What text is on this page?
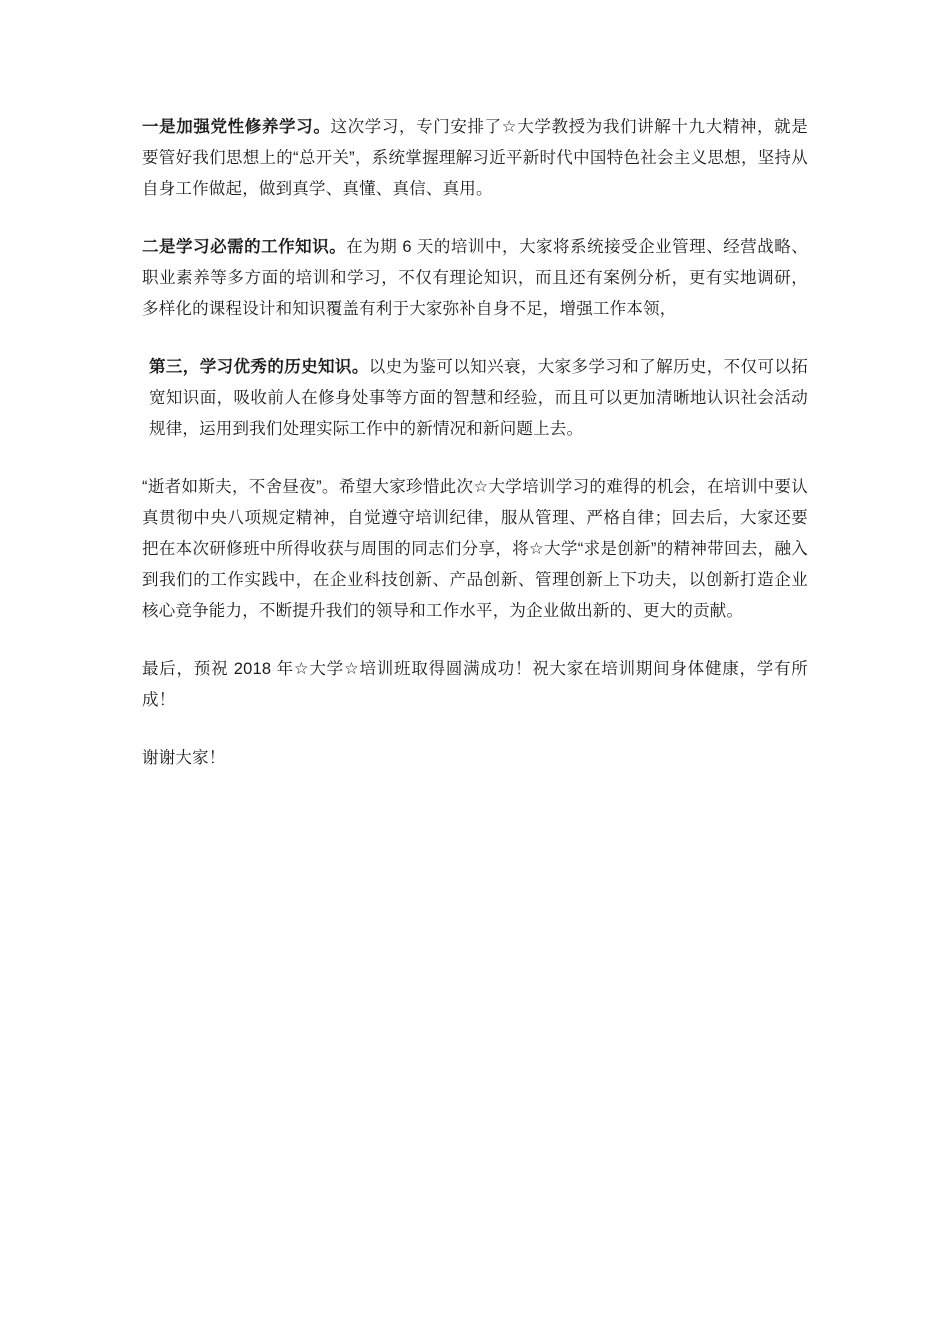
一是加强党性修养学习。这次学习，专门安排了☆大学教授为我们讲解十九大精神，就是要管好我们思想上的“总开关”，系统掌握理解习近平新时代中国特色社会主义思想，坚持从自身工作做起，做到真学、真懂、真信、真用。

二是学习必需的工作知识。在为期 6 天的培训中，大家将系统接受企业管理、经营战略、职业素养等多方面的培训和学习，不仅有理论知识，而且还有案例分析，更有实地调研，多样化的课程设计和知识覆盖有利于大家弥补自身不足，增强工作本领，

第三，学习优秀的历史知识。以史为鉴可以知兴衰，大家多学习和了解历史，不仅可以拓宽知识面，吸收前人在修身处事等方面的智慧和经验，而且可以更加清晰地认识社会活动规律，运用到我们处理实际工作中的新情况和新问题上去。

“逝者如斯夫，不舍昼夜”。希望大家珍惜此次☆大学培训学习的难得的机会，在培训中要认真贯彻中央八项规定精神，自觉遵守培训纪律，服从管理、严格自律；回去后，大家还要把在本次研修班中所得收获与周围的同志们分享，将☆大学“求是创新”的精神带回去，融入到我们的工作实践中，在企业科技创新、产品创新、管理创新上下功夫，以创新打造企业核心竞争能力，不断提升我们的领导和工作水平，为企业做出新的、更大的贡献。

最后，预祝 2018 年☆大学☆培训班取得圆满成功！祝大家在培训期间身体健康，学有所成！

谢谢大家！
